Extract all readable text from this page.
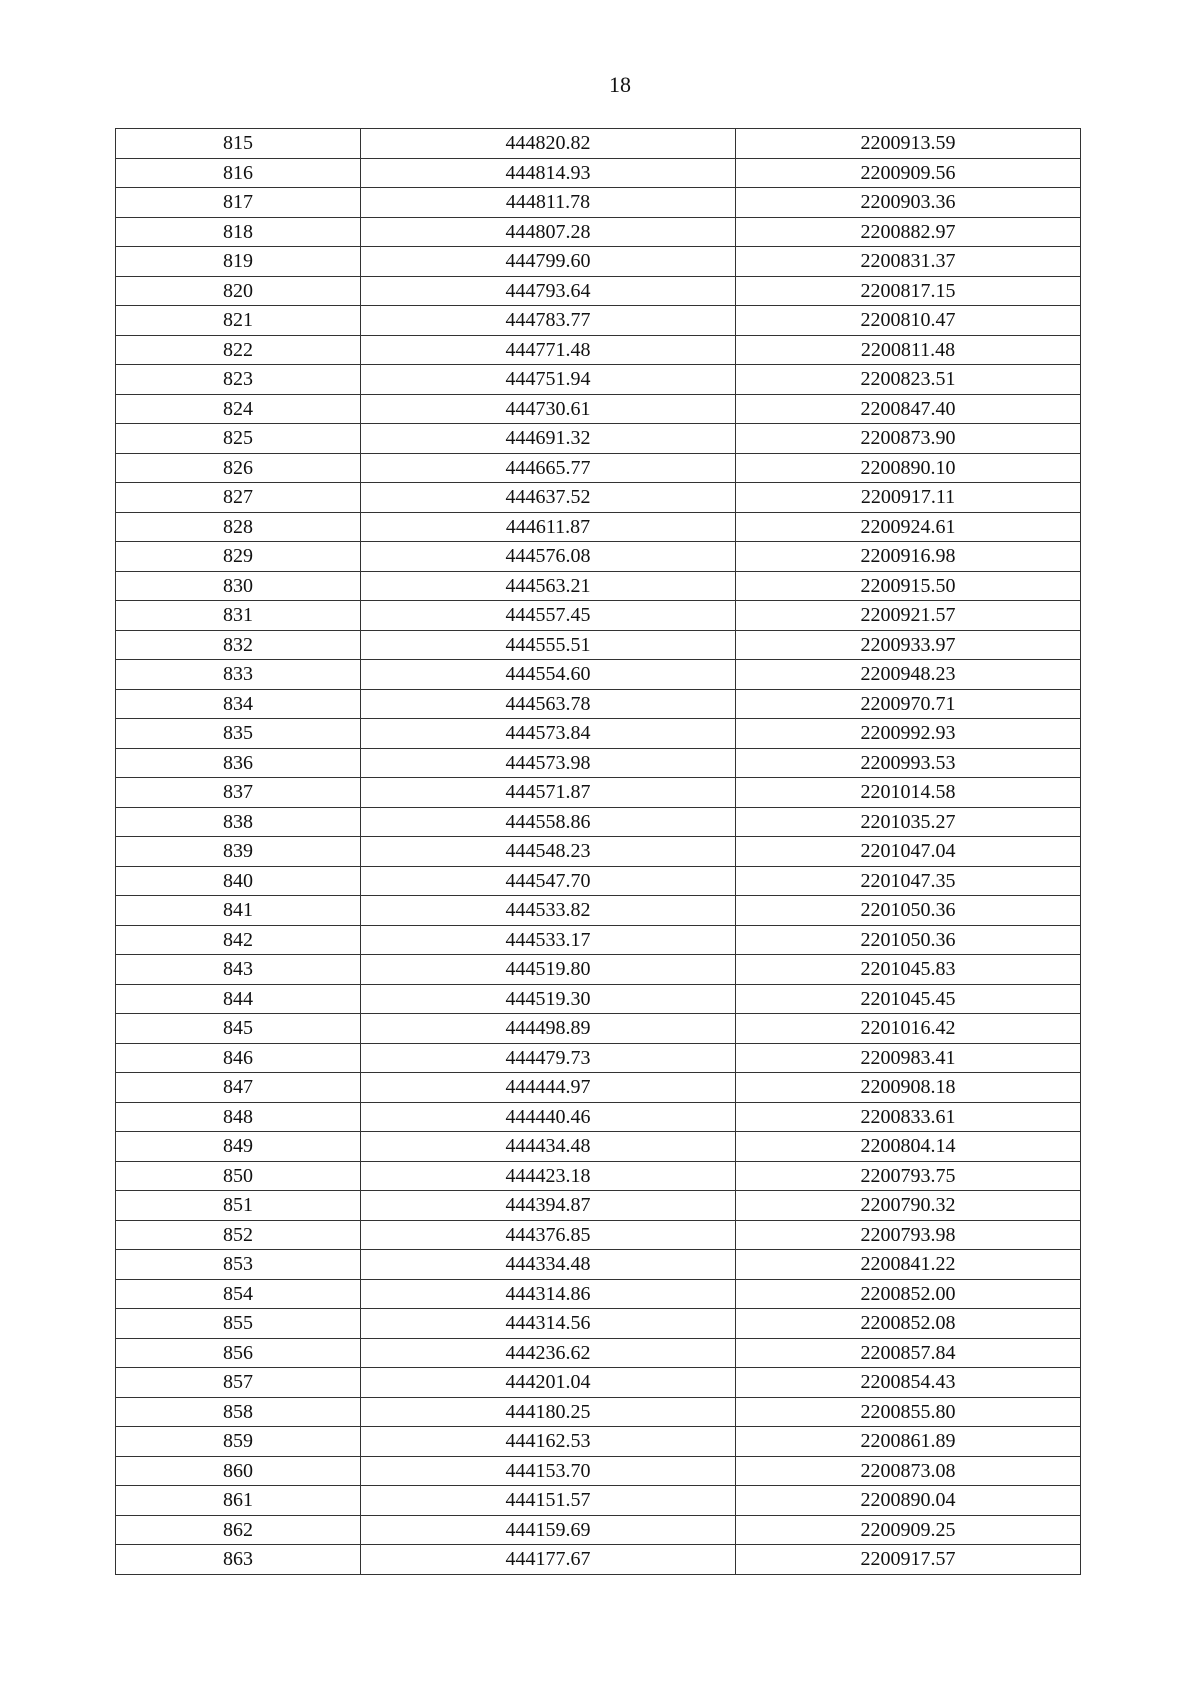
18
815	444820.82	2200913.59
816	444814.93	2200909.56
817	444811.78	2200903.36
818	444807.28	2200882.97
819	444799.60	2200831.37
820	444793.64	2200817.15
821	444783.77	2200810.47
822	444771.48	2200811.48
823	444751.94	2200823.51
824	444730.61	2200847.40
825	444691.32	2200873.90
826	444665.77	2200890.10
827	444637.52	2200917.11
828	444611.87	2200924.61
829	444576.08	2200916.98
830	444563.21	2200915.50
831	444557.45	2200921.57
832	444555.51	2200933.97
833	444554.60	2200948.23
834	444563.78	2200970.71
835	444573.84	2200992.93
836	444573.98	2200993.53
837	444571.87	2201014.58
838	444558.86	2201035.27
839	444548.23	2201047.04
840	444547.70	2201047.35
841	444533.82	2201050.36
842	444533.17	2201050.36
843	444519.80	2201045.83
844	444519.30	2201045.45
845	444498.89	2201016.42
846	444479.73	2200983.41
847	444444.97	2200908.18
848	444440.46	2200833.61
849	444434.48	2200804.14
850	444423.18	2200793.75
851	444394.87	2200790.32
852	444376.85	2200793.98
853	444334.48	2200841.22
854	444314.86	2200852.00
855	444314.56	2200852.08
856	444236.62	2200857.84
857	444201.04	2200854.43
858	444180.25	2200855.80
859	444162.53	2200861.89
860	444153.70	2200873.08
861	444151.57	2200890.04
862	444159.69	2200909.25
863	444177.67	2200917.57
